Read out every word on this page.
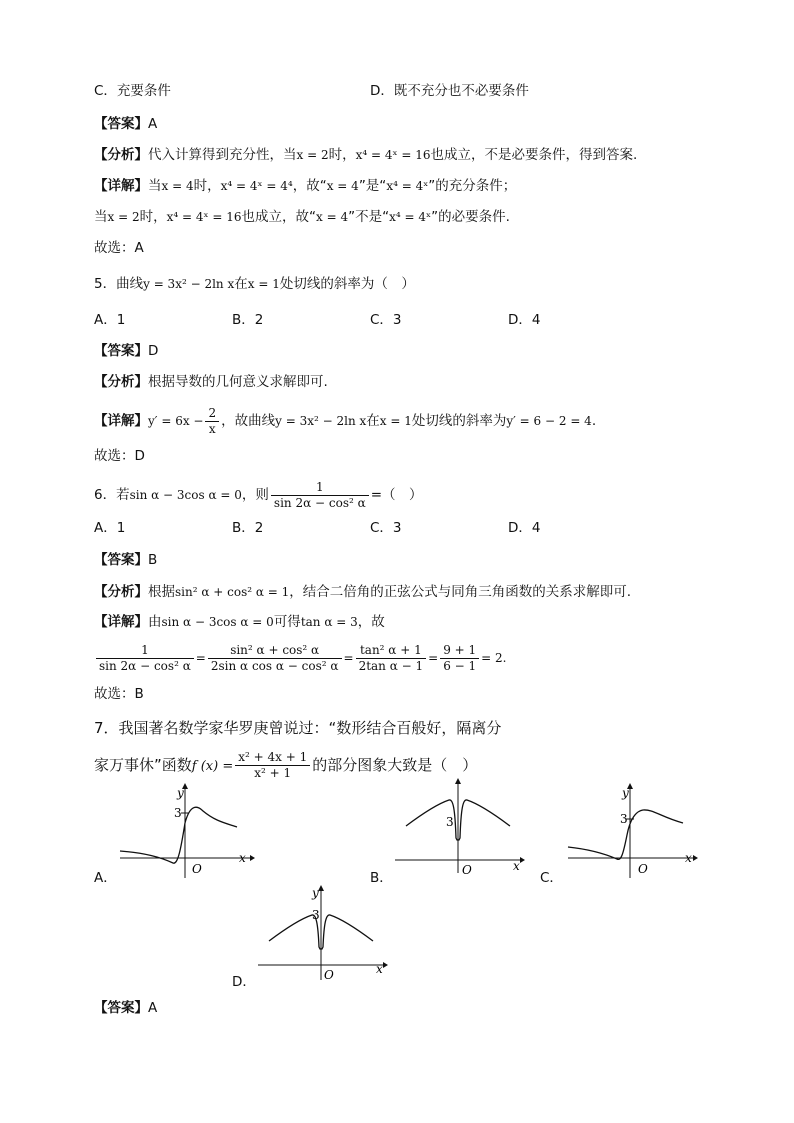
C．充要条件	D．既不充分也不必要条件
【答案】A
【分析】代入计算得到充分性，当x = 2时，x⁴ = 4ˣ = 16也成立，不是必要条件，得到答案.
【详解】当x = 4时，x⁴ = 4ˣ = 4⁴，故“x = 4”是“x⁴ = 4ˣ”的充分条件；
当x = 2时，x⁴ = 4ˣ = 16也成立，故“x = 4”不是“x⁴ = 4ˣ”的必要条件.
故选：A
5．曲线y = 3x² − 2ln x在x = 1处切线的斜率为（　）
A．1	B．2	C．3	D．4
【答案】D
【分析】根据导数的几何意义求解即可.
【详解】$y' = 6x - \frac{2}{x}$ ，故曲线y = 3x² − 2ln x在x = 1处切线的斜率为y′ = 6 − 2 = 4.
故选：D
6．若sin α − 3cos α = 0，则 $\frac{1}{\text{sin 2α − cos² α}}$ =（　）
A．1	B．2	C．3	D．4
【答案】B
【分析】根据sin² α + cos² α = 1，结合二倍角的正弦公式与同角三角函数的关系求解即可.
【详解】由sin α − 3cos α = 0可得tan α = 3，故
$\frac{1}{\text{sin 2α − cos² α}} = \frac{\text{sin² α + cos² α}}{\text{2sin α cos α − cos² α}} = \frac{\text{tan² α + 1}}{\text{2tan α − 1}} = \frac{9 + 1}{6 - 1} = 2$.
故选：B
7．我国著名数学家华罗庚曾说过：“数形结合百般好，隔离分
家万事休”函数f $(x) = \frac{\text{x² + 4x + 1}}{\text{x² + 1}}$ 的部分图象大致是（　）
y
3
O
x
A．
3
O	x
B．
y
3
O
x
C．
y
3
O	x
D．
【答案】A
